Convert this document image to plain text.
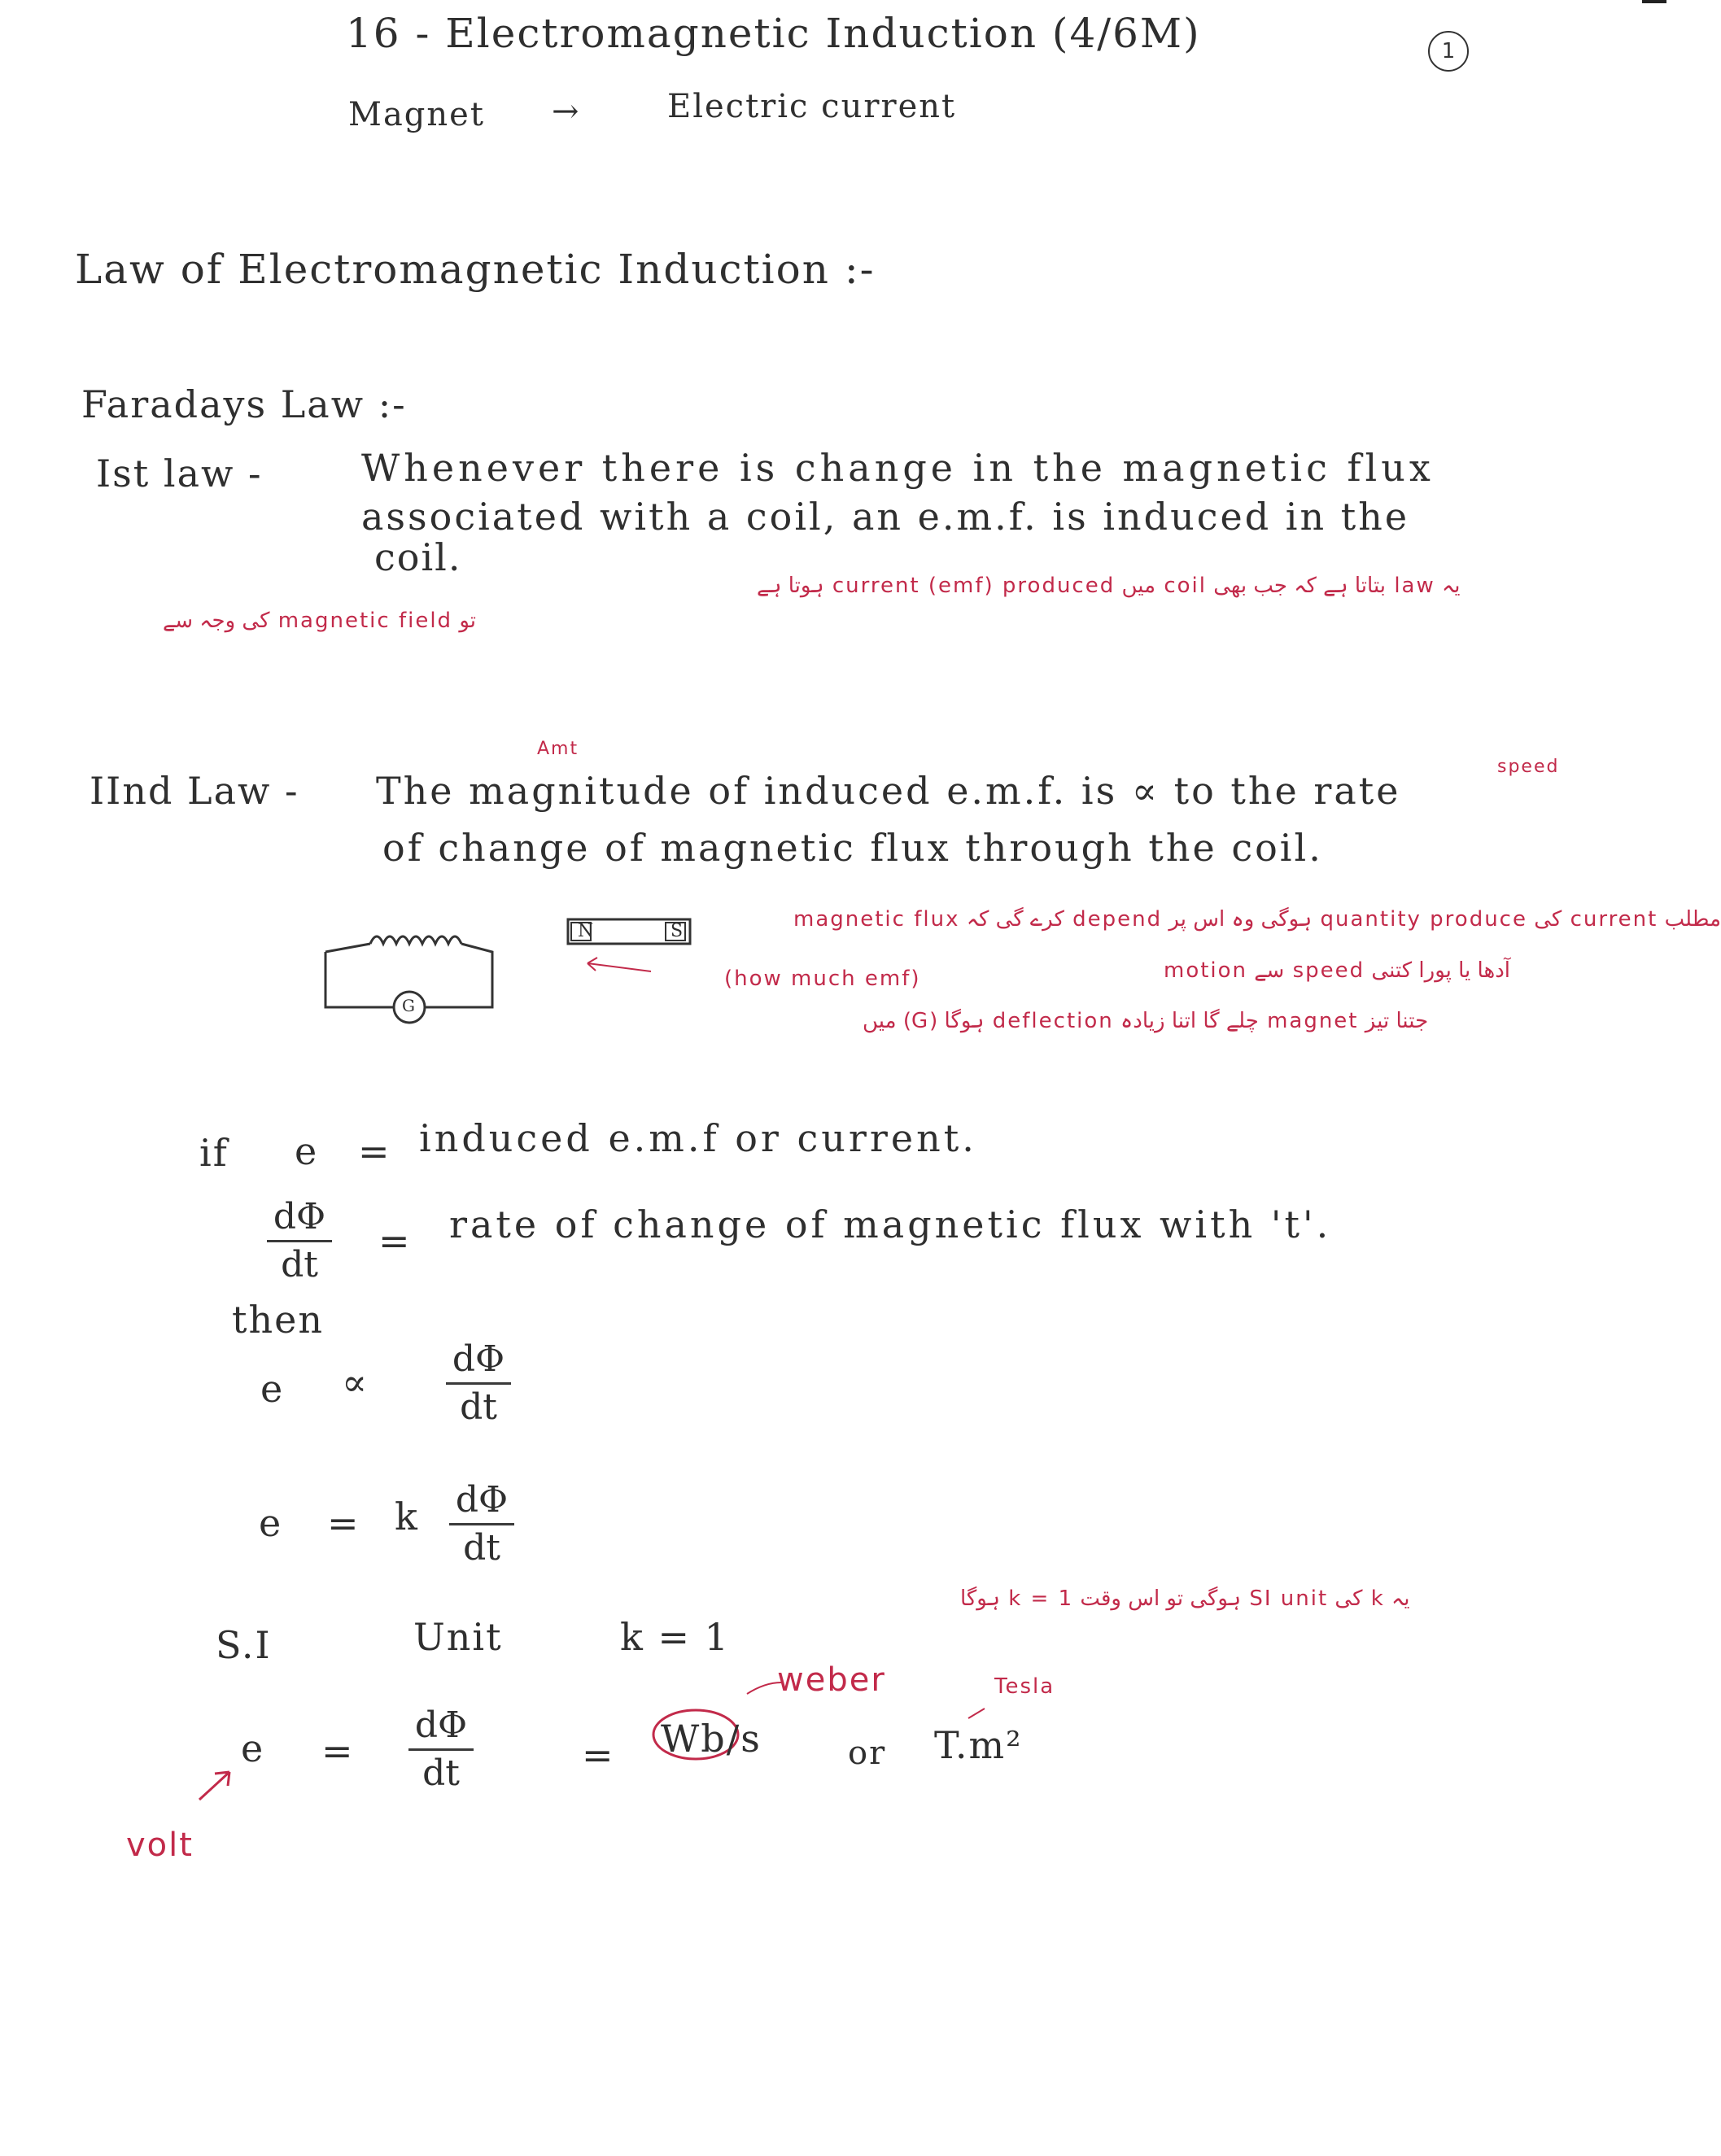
16 - Electromagnetic Induction (4/6M)	1
Magnet →	Electric current
Law of Electromagnetic Induction :-
Faradays Law :-
Ist law -	Whenever there is change in the magnetic flux
associated with a coil, an e.m.f. is induced in the
coil.
یہ law بتاتا ہے کہ جب بھی coil میں current (emf) produced ہوتا ہے
تو magnetic field کی وجہ سے
Amt
speed
IInd Law - The magnitude of induced e.m.f. is ∝ to the rate
of change of magnetic flux through the coil.
N	S
G
مطلب current کی quantity produce ہوگی وہ اس پر depend کرے گی کہ magnetic flux
(how much emf)	آدھا یا پورا کتنی speed سے motion
جتنا تیز magnet چلے گا اتنا زیادہ deflection ہوگا (G) میں
if e = induced e.m.f or current.
dΦ
dt
= rate of change of magnetic flux with 't'.
then
e ∝
dΦ
dt
e = k dΦ
dt
S.I	Unit	k = 1
یہ k کی SI unit ہوگی تو اس وقت k = 1 ہوگا
weber	Tesla
e =
dΦ
dt	= Wb/s	or T.m²
volt
